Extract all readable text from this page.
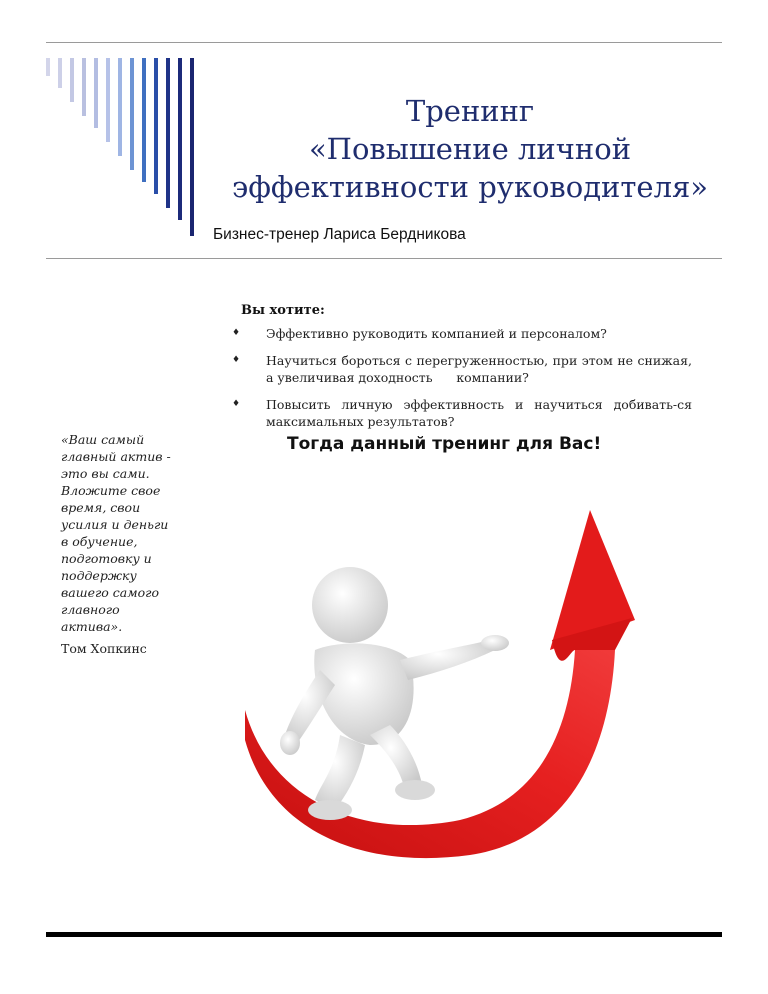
Тренинг
«Повышение личной
эффективности руководителя»
Бизнес-тренер Лариса Бердникова
Вы хотите:
♦ Эффективно руководить компанией и персоналом?
♦ Научиться бороться с перегруженностью, при этом не снижая, а увеличивая доходность      компании?
♦ Повысить личную эффективность и научиться добивать-ся максимальных результатов?
Тогда данный тренинг для Вас!
«Ваш самый
главный актив -
это вы сами.
Вложите свое
время, свои
усилия и деньги
в обучение,
подготовку и
поддержку
вашего самого
главного
актива».
Том Хопкинс
